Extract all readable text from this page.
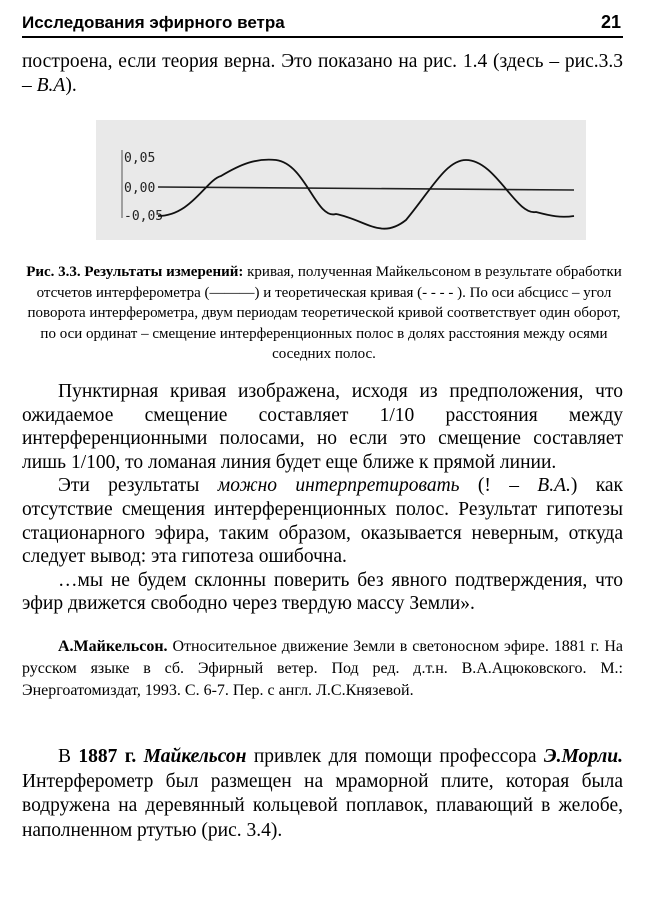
Исследования эфирного ветра	21

построена, если теория верна. Это показано на рис. 1.4 (здесь – рис.3.3 – В.А).

0,05
0,00
-0,05

Рис. 3.3. Результаты измерений: кривая, полученная Майкельсоном в результате обработки отсчетов интерферометра (———) и теоретическая кривая (- - - - ). По оси абсцисс – угол поворота интерферометра, двум периодам теоретической кривой соответствует один оборот, по оси ординат – смещение интерференционных полос в долях расстояния между осями соседних полос.

Пунктирная кривая изображена, исходя из предположения, что ожидаемое смещение составляет 1/10 расстояния между интерференционными полосами, но если это смещение составляет лишь 1/100, то ломаная линия будет еще ближе к прямой линии.

Эти результаты можно интерпретировать (! – В.А.) как отсутствие смещения интерференционных полос. Результат гипотезы стационарного эфира, таким образом, оказывается неверным, откуда следует вывод: эта гипотеза ошибочна.

…мы не будем склонны поверить без явного подтверждения, что эфир движется свободно через твердую массу Земли».

А.Майкельсон. Относительное движение Земли в светоносном эфире. 1881 г. На русском языке в сб. Эфирный ветер. Под ред. д.т.н. В.А.Ацюковского. М.: Энергоатомиздат, 1993. С. 6-7. Пер. с англ. Л.С.Князевой.

В 1887 г. Майкельсон привлек для помощи профессора Э.Морли. Интерферометр был размещен на мраморной плите, которая была водружена на деревянный кольцевой поплавок, плавающий в желобе, наполненном ртутью (рис. 3.4).
